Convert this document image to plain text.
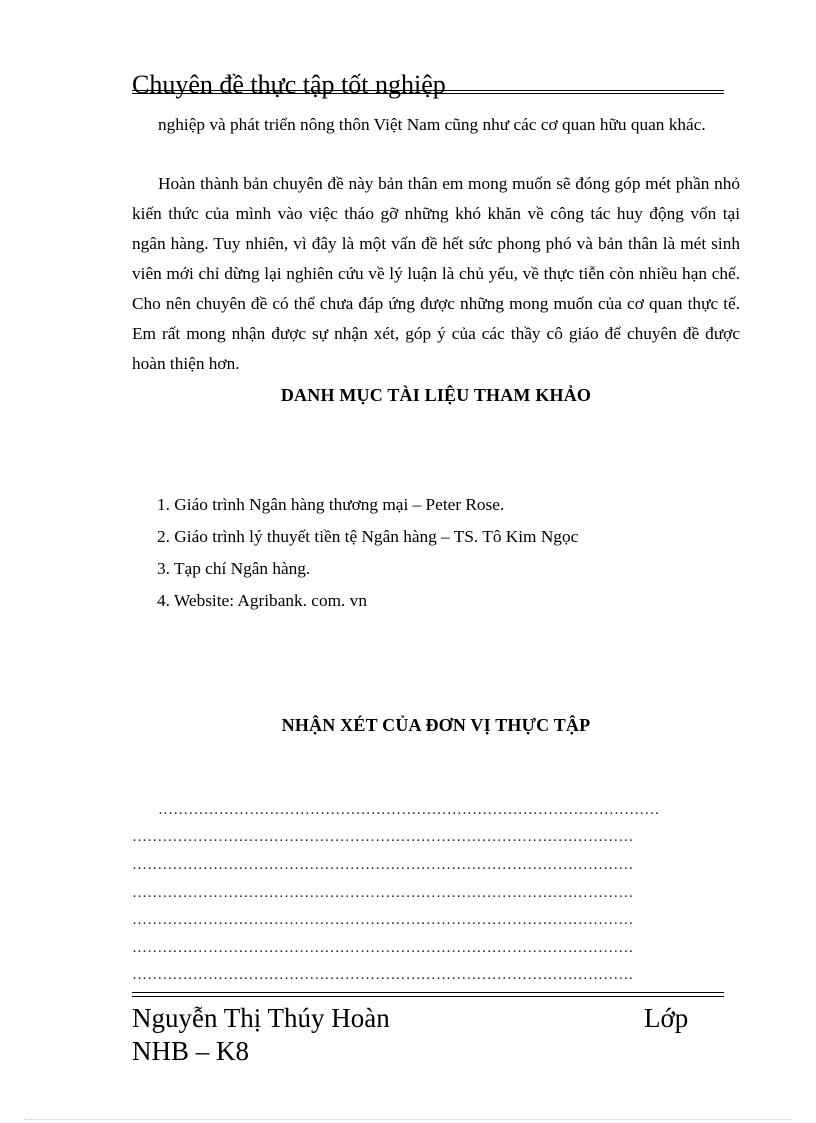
Chuyên đề thực tập tốt nghiệp
nghiệp và phát triển nông thôn Việt Nam cũng như các cơ quan hữu quan khác.
Hoàn thành bản chuyên đề này bản thân em mong muốn sẽ đóng góp mét phần nhỏ kiến thức của mình vào việc tháo gỡ những khó khăn về công tác huy động vốn tại ngân hàng. Tuy nhiên, vì đây là một vấn đề hết sức phong phó và bản thân là mét sinh viên mới chỉ dừng lại nghiên cứu về lý luận là chủ yếu, về thực tiễn còn nhiều hạn chế. Cho nên chuyên đề có thể chưa đáp ứng được những mong muốn của cơ quan thực tế. Em rất mong nhận được sự nhận xét, góp ý của các thầy cô giáo để chuyên đề được hoàn thiện hơn.
DANH MỤC TÀI LIỆU THAM KHẢO
1. Giáo trình Ngân hàng thương mại – Peter Rose.
2. Giáo trình lý thuyết tiền tệ Ngân hàng – TS. Tô Kim Ngọc
3. Tạp chí Ngân hàng.
4. Website: Agribank. com. vn
NHẬN XÉT CỦA ĐƠN VỊ THỰC TẬP
………………………………………………………………………………………
………………………………………………………………………………………
………………………………………………………………………………………
………………………………………………………………………………………
………………………………………………………………………………………
………………………………………………………………………………………
………………………………………………………………………………………
Nguyễn Thị Thúy Hoàn	Lớp
NHB – K8
